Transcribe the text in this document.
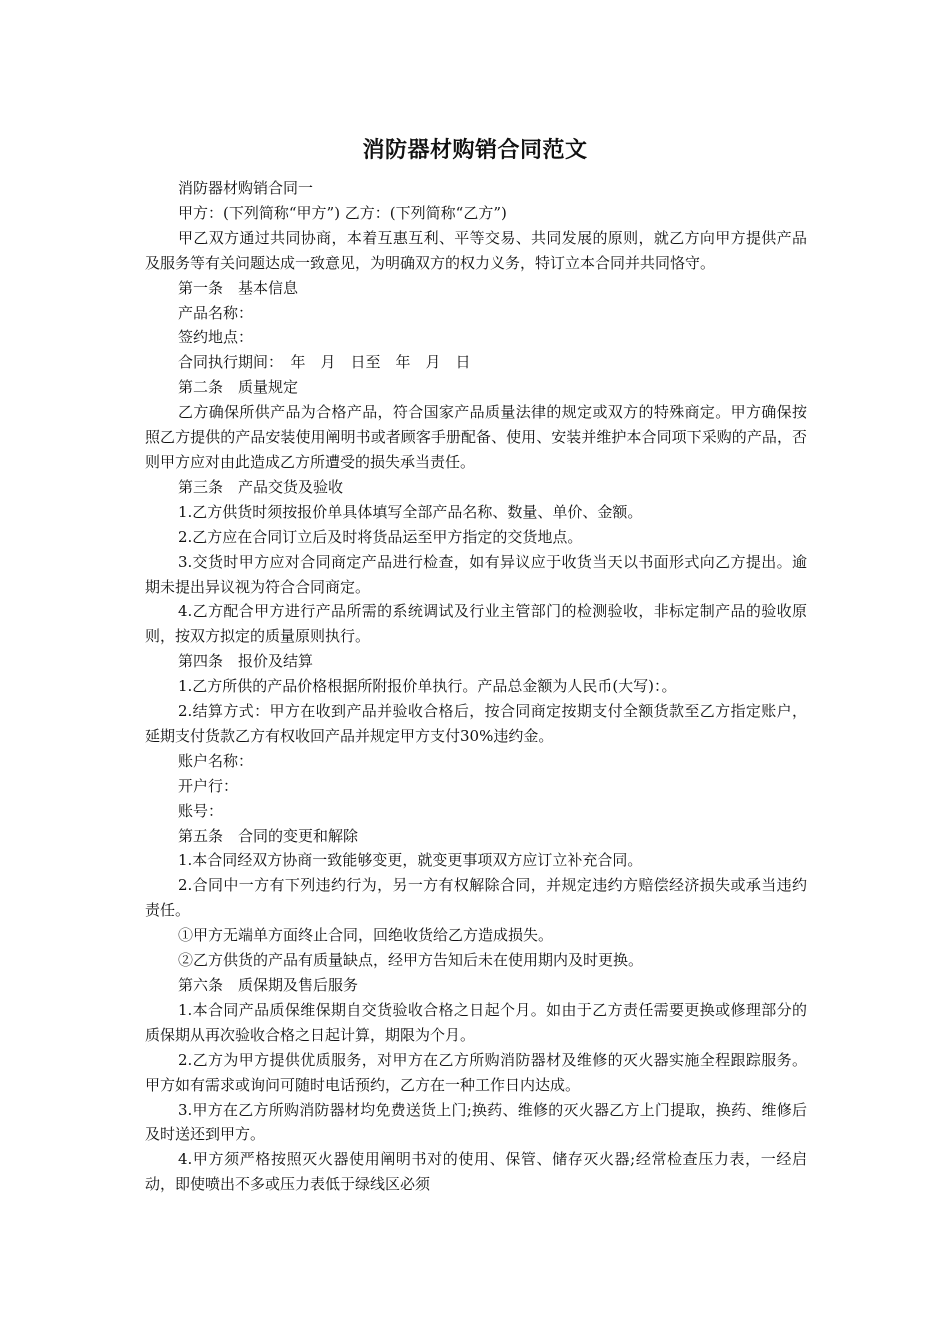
消防器材购销合同范文

消防器材购销合同一

甲方：(下列简称“甲方”) 乙方：(下列简称“乙方”)

甲乙双方通过共同协商，本着互惠互利、平等交易、共同发展的原则，就乙方向甲方提供产品及服务等有关问题达成一致意见，为明确双方的权力义务，特订立本合同并共同恪守。

第一条　基本信息

产品名称：

签约地点：

合同执行期间：　年　月　日至　年　月　日

第二条　质量规定

乙方确保所供产品为合格产品，符合国家产品质量法律的规定或双方的特殊商定。甲方确保按照乙方提供的产品安装使用阐明书或者顾客手册配备、使用、安装并维护本合同项下采购的产品，否则甲方应对由此造成乙方所遭受的损失承当责任。

第三条　产品交货及验收

1.乙方供货时须按报价单具体填写全部产品名称、数量、单价、金额。

2.乙方应在合同订立后及时将货品运至甲方指定的交货地点。

3.交货时甲方应对合同商定产品进行检查，如有异议应于收货当天以书面形式向乙方提出。逾期未提出异议视为符合合同商定。

4.乙方配合甲方进行产品所需的系统调试及行业主管部门的检测验收，非标定制产品的验收原则，按双方拟定的质量原则执行。

第四条　报价及结算

1.乙方所供的产品价格根据所附报价单执行。产品总金额为人民币(大写)：。

2.结算方式：甲方在收到产品并验收合格后，按合同商定按期支付全额货款至乙方指定账户，延期支付货款乙方有权收回产品并规定甲方支付30%违约金。

账户名称：

开户行：

账号：

第五条　合同的变更和解除

1.本合同经双方协商一致能够变更，就变更事项双方应订立补充合同。

2.合同中一方有下列违约行为，另一方有权解除合同，并规定违约方赔偿经济损失或承当违约责任。

①甲方无端单方面终止合同，回绝收货给乙方造成损失。

②乙方供货的产品有质量缺点，经甲方告知后未在使用期内及时更换。

第六条　质保期及售后服务

1.本合同产品质保维保期自交货验收合格之日起个月。如由于乙方责任需要更换或修理部分的质保期从再次验收合格之日起计算，期限为个月。

2.乙方为甲方提供优质服务，对甲方在乙方所购消防器材及维修的灭火器实施全程跟踪服务。甲方如有需求或询问可随时电话预约，乙方在一种工作日内达成。

3.甲方在乙方所购消防器材均免费送货上门;换药、维修的灭火器乙方上门提取，换药、维修后及时送还到甲方。

4.甲方须严格按照灭火器使用阐明书对的使用、保管、储存灭火器;经常检查压力表，一经启动，即使喷出不多或压力表低于绿线区必须
